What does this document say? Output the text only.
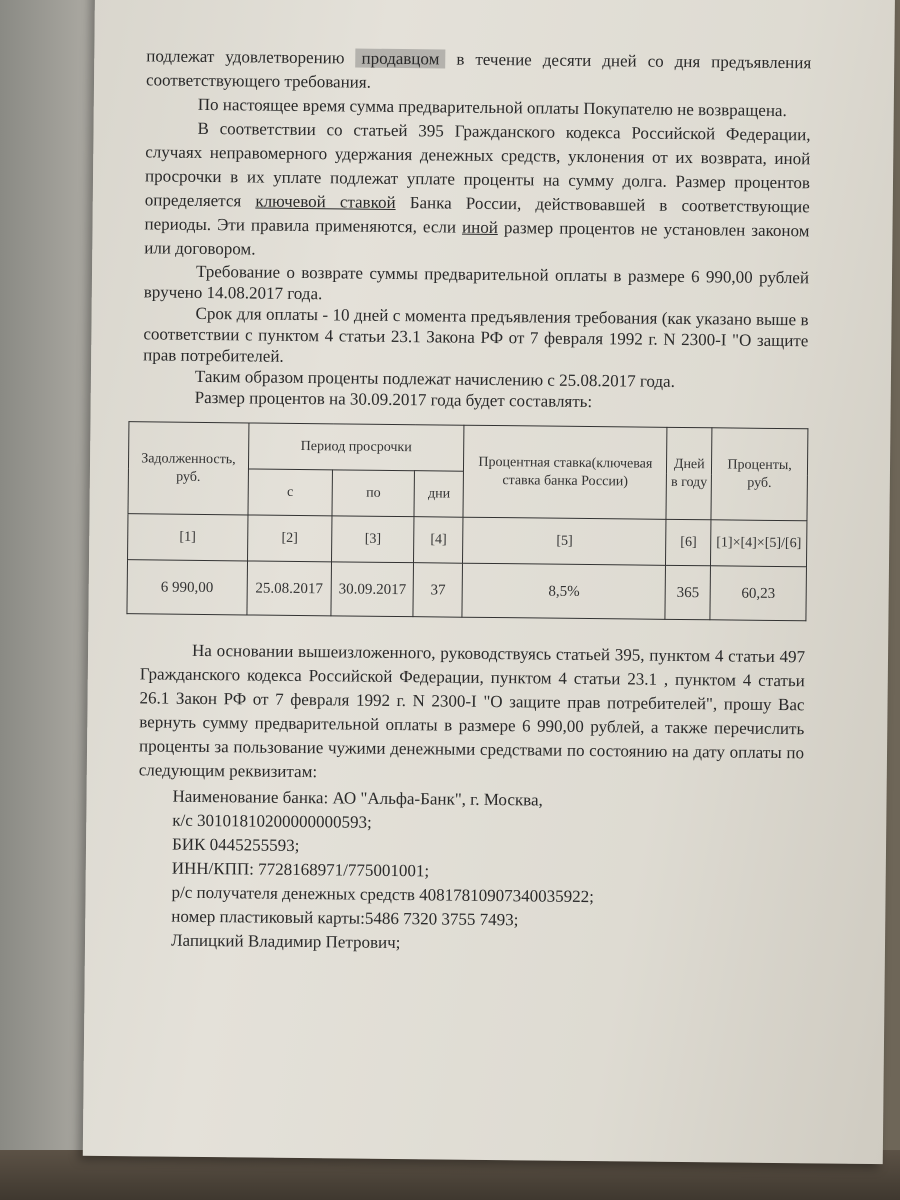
подлежат удовлетворению продавцом в течение десяти дней со дня предъявления соответствующего требования.

По настоящее время сумма предварительной оплаты Покупателю не возвращена.

В соответствии со статьей 395 Гражданского кодекса Российской Федерации, случаях неправомерного удержания денежных средств, уклонения от их возврата, иной просрочки в их уплате подлежат уплате проценты на сумму долга. Размер процентов определяется ключевой ставкой Банка России, действовавшей в соответствующие периоды. Эти правила применяются, если иной размер процентов не установлен законом или договором.

Требование о возврате суммы предварительной оплаты в размере 6 990,00 рублей вручено 14.08.2017 года.

Срок для оплаты - 10 дней с момента предъявления требования (как указано выше в соответствии с пунктом 4 статьи 23.1 Закона РФ от 7 февраля 1992 г. N 2300-I "О защите прав потребителей.

Таким образом проценты подлежат начислению с 25.08.2017 года.

Размер процентов на 30.09.2017 года будет составлять:

Задолженность, руб.	Период просрочки			Процентная ставка(ключевая ставка банка России)	Дней в году	Проценты, руб.
	с	по	дни			
[1]	[2]	[3]	[4]	[5]	[6]	[1]×[4]×[5]/[6]
6 990,00	25.08.2017	30.09.2017	37	8,5%	365	60,23

На основании вышеизложенного, руководствуясь статьей 395, пунктом 4 статьи 497 Гражданского кодекса Российской Федерации, пунктом 4 статьи 23.1 , пунктом 4 статьи 26.1 Закон РФ от 7 февраля 1992 г. N 2300-I "О защите прав потребителей", прошу Вас вернуть сумму предварительной оплаты в размере 6 990,00 рублей, а также перечислить проценты за пользование чужими денежными средствами по состоянию на дату оплаты по следующим реквизитам:

Наименование банка: АО "Альфа-Банк", г. Москва,
к/с 30101810200000000593;
БИК 0445255593;
ИНН/КПП: 7728168971/775001001;
р/с получателя денежных средств 40817810907340035922;
номер пластиковый карты:5486 7320 3755 7493;
Лапицкий Владимир Петрович;
